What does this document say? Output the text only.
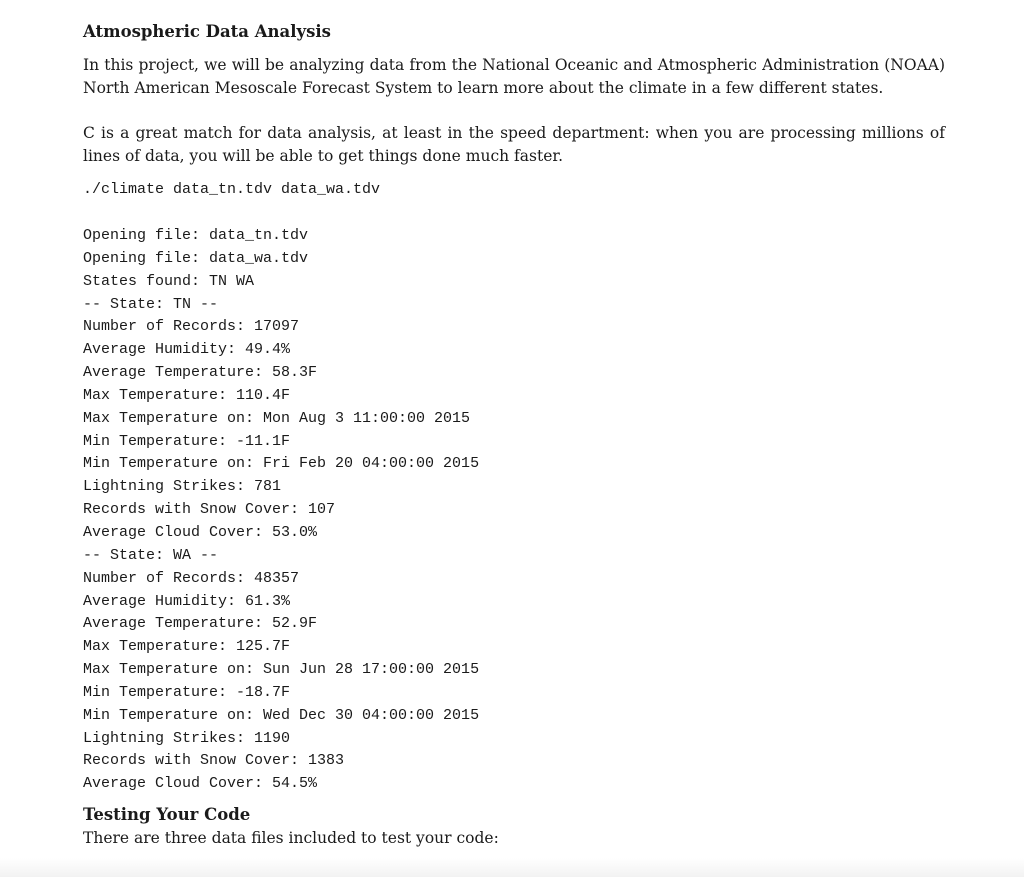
Atmospheric Data Analysis

In this project, we will be analyzing data from the National Oceanic and Atmospheric Administration (NOAA) North American Mesoscale Forecast System to learn more about the climate in a few different states.

C is a great match for data analysis, at least in the speed department: when you are processing millions of lines of data, you will be able to get things done much faster.

./climate data_tn.tdv data_wa.tdv
Opening file: data_tn.tdv
Opening file: data_wa.tdv
States found: TN WA
-- State: TN --
Number of Records: 17097
Average Humidity: 49.4%
Average Temperature: 58.3F
Max Temperature: 110.4F
Max Temperature on: Mon Aug 3 11:00:00 2015
Min Temperature: -11.1F
Min Temperature on: Fri Feb 20 04:00:00 2015
Lightning Strikes: 781
Records with Snow Cover: 107
Average Cloud Cover: 53.0%
-- State: WA --
Number of Records: 48357
Average Humidity: 61.3%
Average Temperature: 52.9F
Max Temperature: 125.7F
Max Temperature on: Sun Jun 28 17:00:00 2015
Min Temperature: -18.7F
Min Temperature on: Wed Dec 30 04:00:00 2015
Lightning Strikes: 1190
Records with Snow Cover: 1383
Average Cloud Cover: 54.5%
Testing Your Code

There are three data files included to test your code:
